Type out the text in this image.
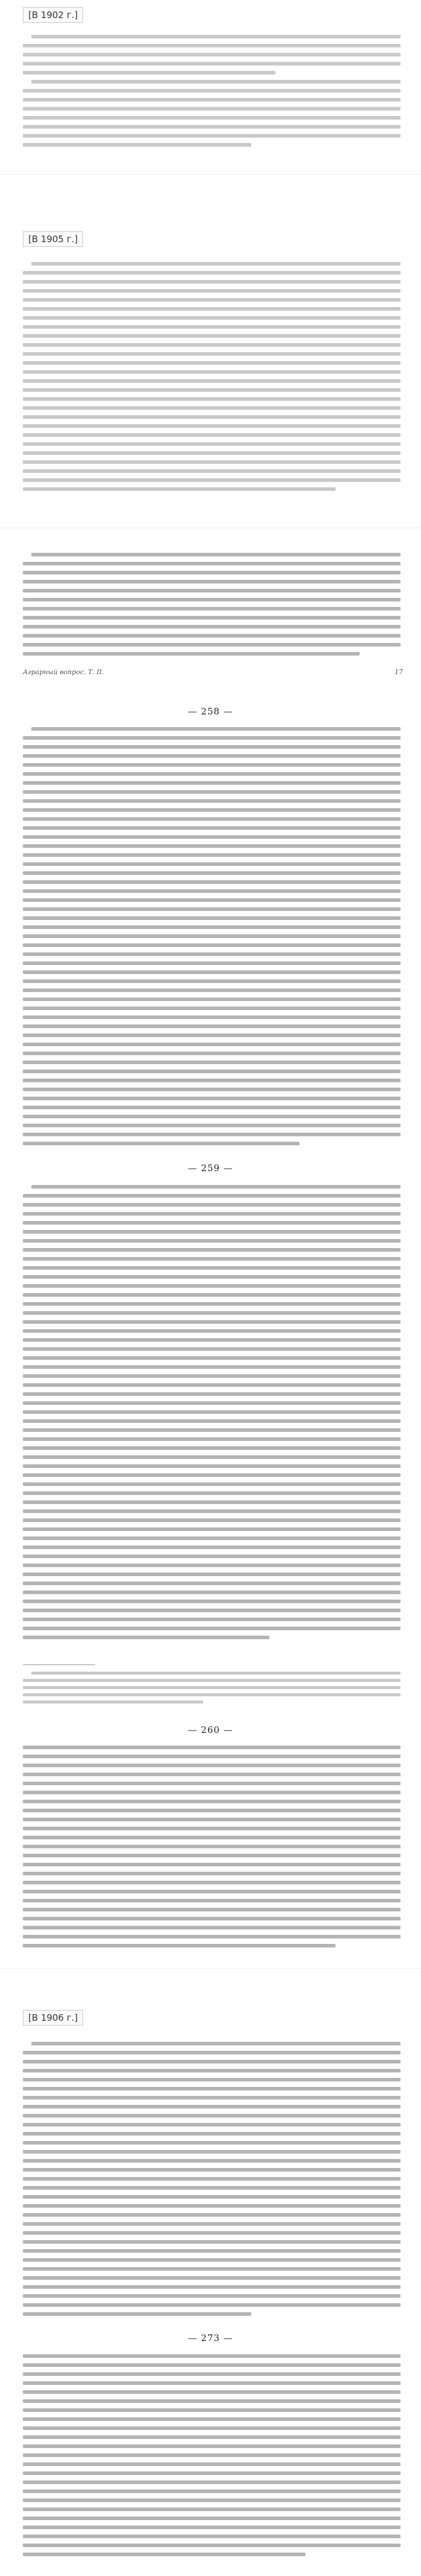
[В 1902 г.]
[В 1905 г.]
Аграрный вопрос. Т. II.	17
— 258 —
— 259 —
— 260 —
[В 1906 г.]
— 273 —
